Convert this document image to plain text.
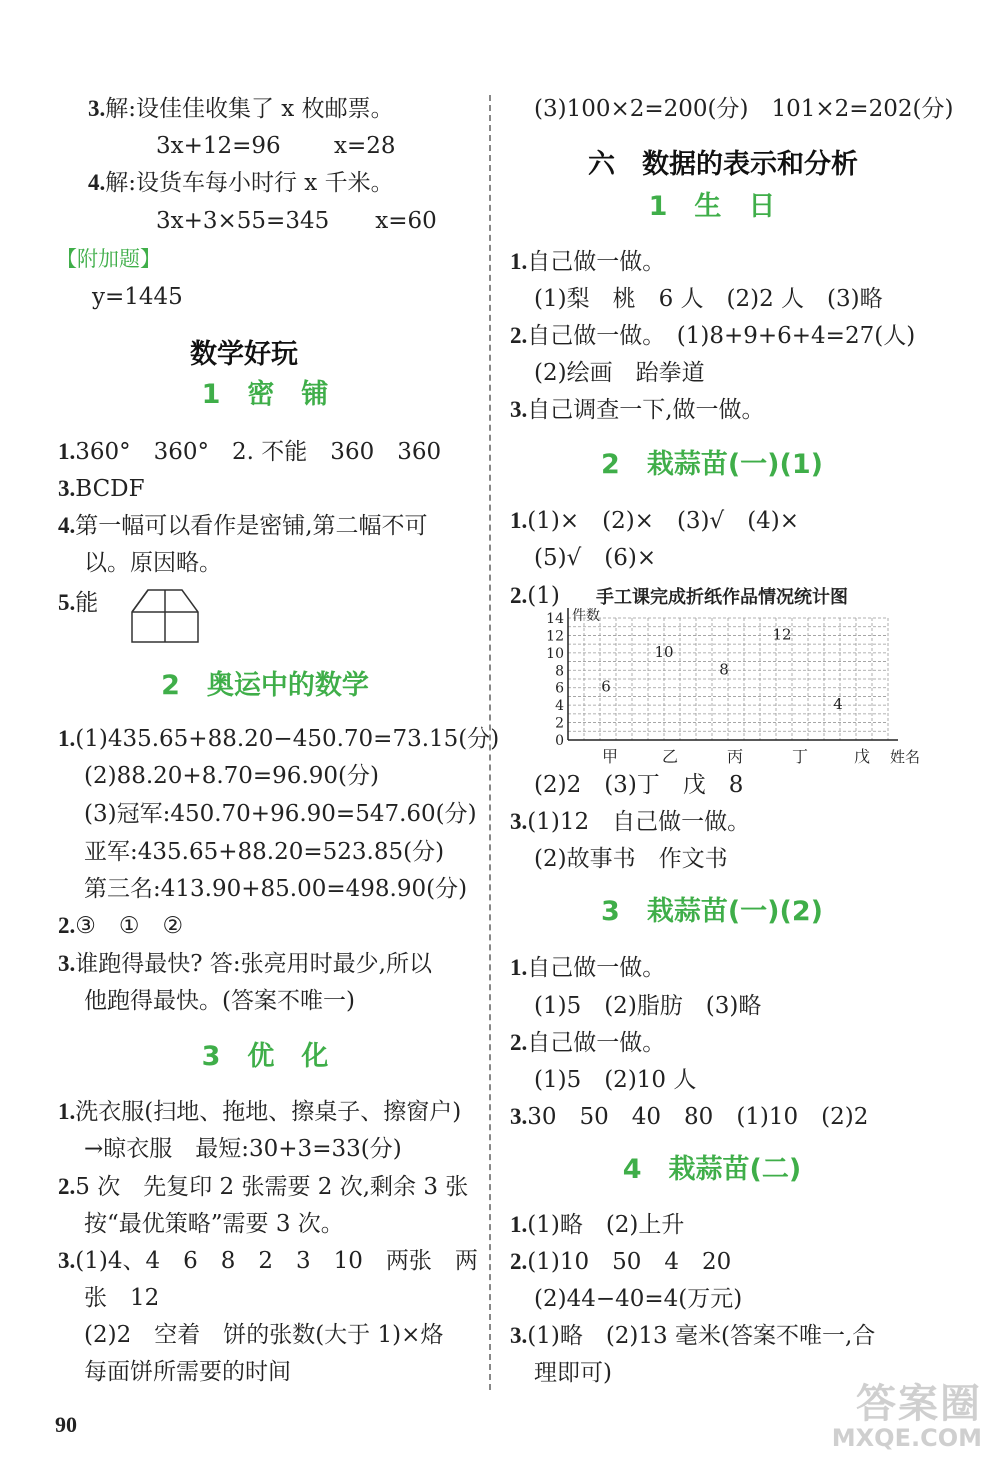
3.解:设佳佳收集了 x 枚邮票。
3x+12=96　　 x=28
4.解:设货车每小时行 x 千米。
3x+3×55=345　　x=60
【附加题】
y=1445
数学好玩
1　密　铺
1.360°　360°　2. 不能　360　360
3.BCDF
4.第一幅可以看作是密铺,第二幅不可
以。原因略。
5.能
2　奥运中的数学
1.(1)435.65+88.20−450.70=73.15(分)
(2)88.20+8.70=96.90(分)
(3)冠军:450.70+96.90=547.60(分)
亚军:435.65+88.20=523.85(分)
第三名:413.90+85.00=498.90(分)
2.③　①　②
3.谁跑得最快? 答:张亮用时最少,所以
他跑得最快。(答案不唯一)
3　优　化
1.洗衣服(扫地、拖地、擦桌子、擦窗户)
→晾衣服　最短:30+3=33(分)
2.5 次　先复印 2 张需要 2 次,剩余 3 张
按“最优策略”需要 3 次。
3.(1)4、4　6　8　2　3　10　两张　两
张　12
(2)2　空着　饼的张数(大于 1)×烙
每面饼所需要的时间
(3)100×2=200(分)　101×2=202(分)
六　数据的表示和分析
1　生　日
1.自己做一做。
(1)梨　桃　6 人　(2)2 人　(3)略
2.自己做一做。　(1)8+9+6+4=27(人)
(2)绘画　跆拳道
3.自己调查一下,做一做。
2　栽蒜苗(一)(1)
1.(1)×　(2)×　(3)√　(4)×
(5)√　(6)×
2.(1) 手工课完成折纸作品情况统计图
0
2
4
6
8
10
12
14 件数
姓名
甲	乙	丙	丁	戊
6
10
8
12
4
(2)2　(3)丁　戊　8
3.(1)12　自己做一做。
(2)故事书　作文书
3　栽蒜苗(一)(2)
1.自己做一做。
(1)5　(2)脂肪　(3)略
2.自己做一做。
(1)5　(2)10 人
3.30　50　40　80　(1)10　(2)2
4　栽蒜苗(二)
1.(1)略　(2)上升
2.(1)10　50　4　20
(2)44−40=4(万元)
3.(1)略　(2)13 毫米(答案不唯一,合
理即可)
90	答案圈
MXQE.COM
